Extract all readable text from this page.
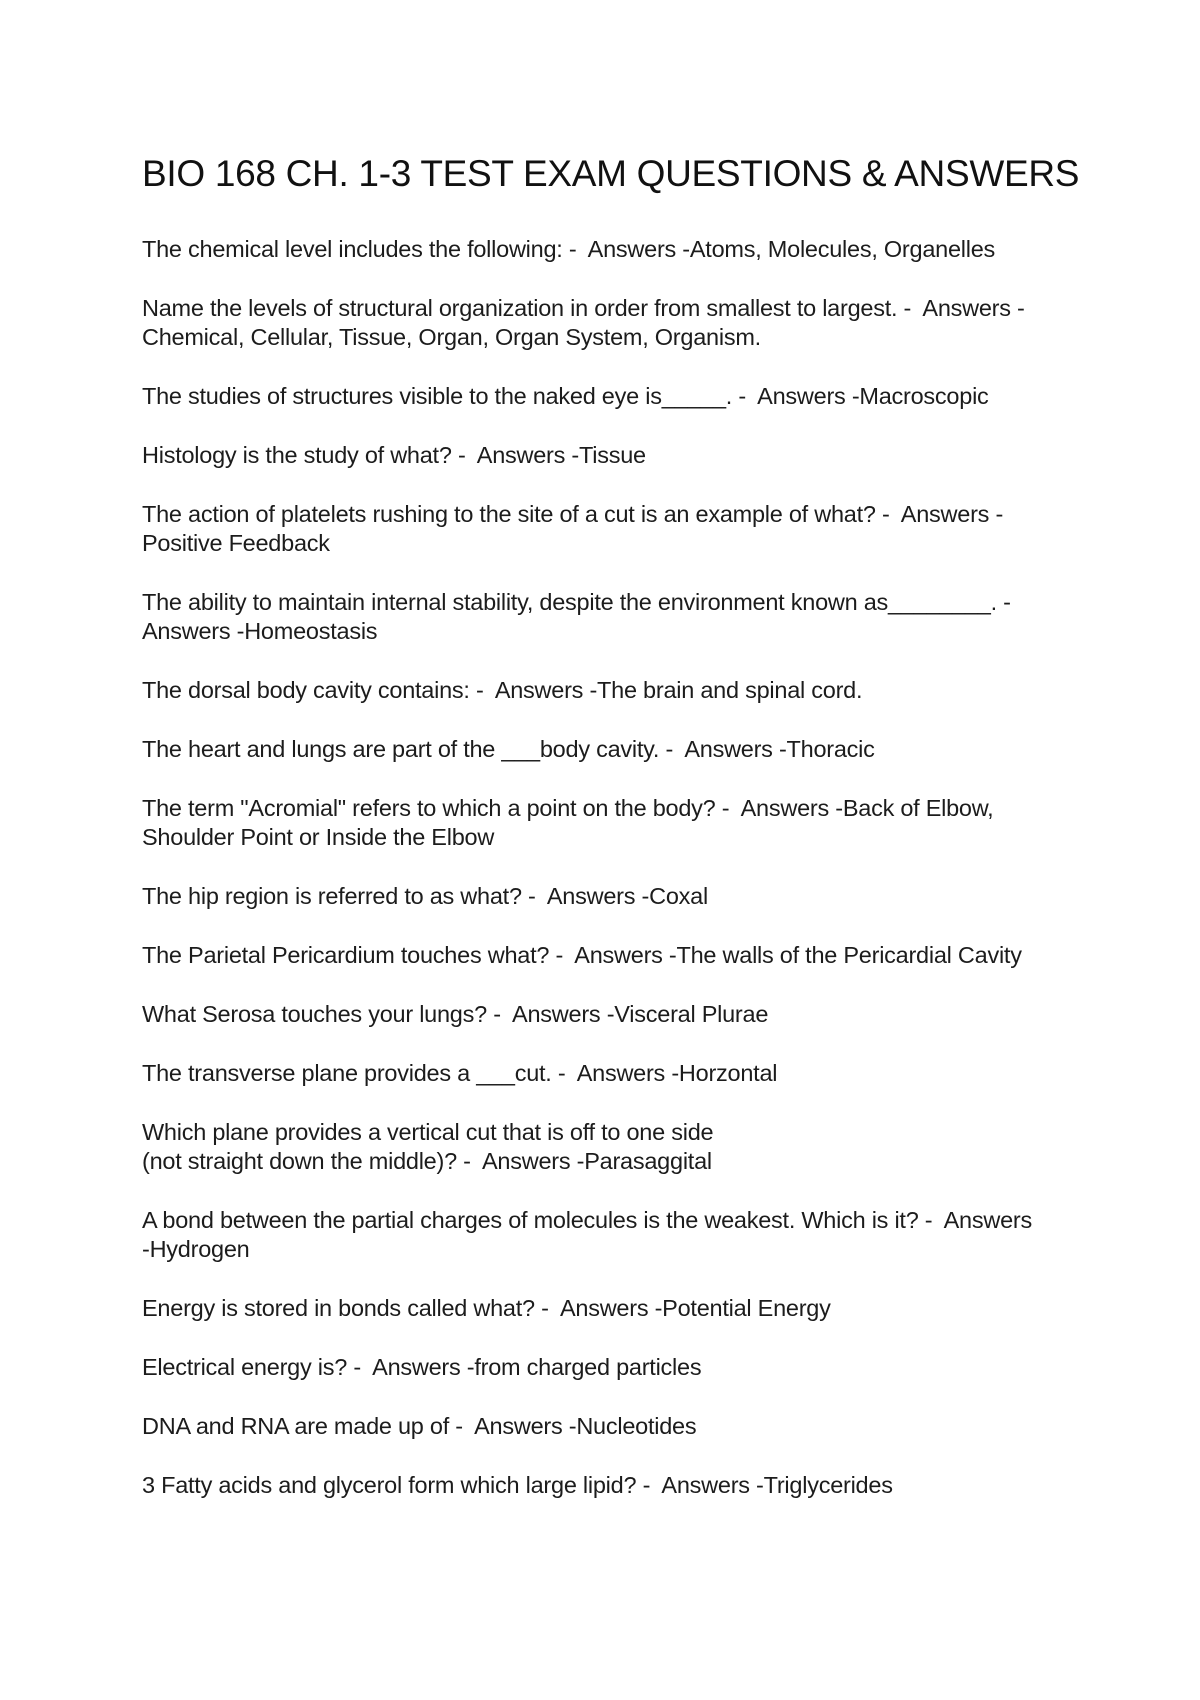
BIO 168 CH. 1-3 TEST EXAM QUESTIONS & ANSWERS
The chemical level includes the following: -  Answers -Atoms, Molecules, Organelles
Name the levels of structural organization in order from smallest to largest. -  Answers -
Chemical, Cellular, Tissue, Organ, Organ System, Organism.
The studies of structures visible to the naked eye is_____. -  Answers -Macroscopic
Histology is the study of what? -  Answers -Tissue
The action of platelets rushing to the site of a cut is an example of what? -  Answers -
Positive Feedback
The ability to maintain internal stability, despite the environment known as________. -
Answers -Homeostasis
The dorsal body cavity contains: -  Answers -The brain and spinal cord.
The heart and lungs are part of the ___body cavity. -  Answers -Thoracic
The term "Acromial" refers to which a point on the body? -  Answers -Back of Elbow,
Shoulder Point or Inside the Elbow
The hip region is referred to as what? -  Answers -Coxal
The Parietal Pericardium touches what? -  Answers -The walls of the Pericardial Cavity
What Serosa touches your lungs? -  Answers -Visceral Plurae
The transverse plane provides a ___cut. -  Answers -Horzontal
Which plane provides a vertical cut that is off to one side
(not straight down the middle)? -  Answers -Parasaggital
A bond between the partial charges of molecules is the weakest. Which is it? -  Answers
-Hydrogen
Energy is stored in bonds called what? -  Answers -Potential Energy
Electrical energy is? -  Answers -from charged particles
DNA and RNA are made up of -  Answers -Nucleotides
3 Fatty acids and glycerol form which large lipid? -  Answers -Triglycerides
